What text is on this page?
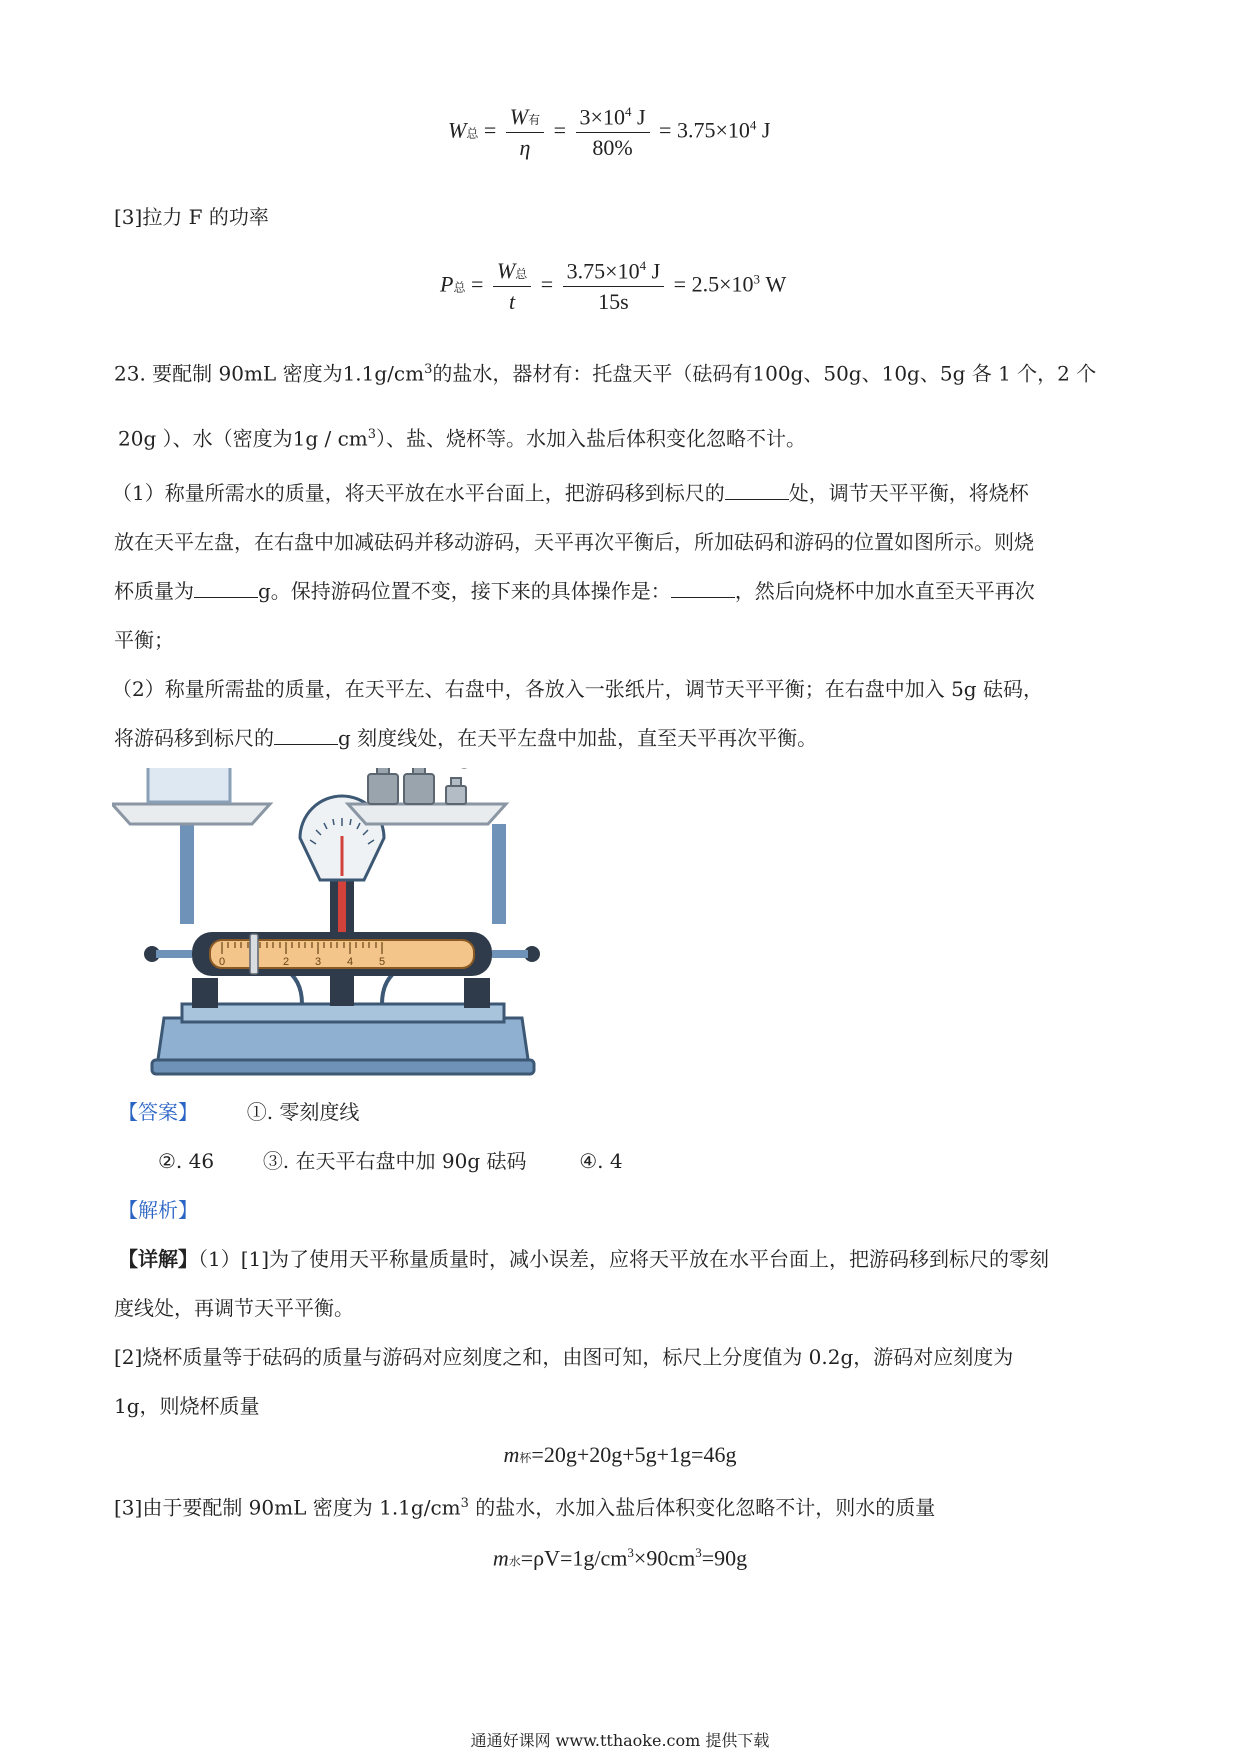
W总 = $\frac{\text{W有}}{\eta} = \frac{3\times 10^4 J}{80\%} = 3.75\times 10^4$ J
[3]拉力 F 的功率
P总 = $\frac{\text{W总}}{t} = \frac{3.75\times 10^4 J}{15s} = 2.5\times 10^3$ W
23. 要配制 90mL 密度为$1.1g/cm^3$的盐水，器材有：托盘天平（砝码有100g、50g、10g、5g 各 1 个，2 个
20g ）、水（密度为$1g / cm^3$）、盐、烧杯等。水加入盐后体积变化忽略不计。
（1）称量所需水的质量，将天平放在水平台面上，把游码移到标尺的	处，调节天平平衡，将烧杯
放在天平左盘，在右盘中加减砝码并移动游码，天平再次平衡后，所加砝码和游码的位置如图所示。则烧
杯质量为	g。保持游码位置不变，接下来的具体操作是：	，然后向烧杯中加水直至天平再次
平衡；
（2）称量所需盐的质量，在天平左、右盘中，各放入一张纸片，调节天平平衡；在右盘中加入 5g 砝码，
将游码移到标尺的	g 刻度线处，在天平左盘中加盐，直至天平再次平衡。
0	2 3 4 5
【答案】 ①. 零刻度线
②. 46 ③. 在天平右盘中加 90g 砝码	④. 4
【解析】
【详解】（1）[1]为了使用天平称量质量时，减小误差，应将天平放在水平台面上，把游码移到标尺的零刻
度线处，再调节天平平衡。
[2]烧杯质量等于砝码的质量与游码对应刻度之和，由图可知，标尺上分度值为 0.2g，游码对应刻度为
1g，则烧杯质量
m杯=20g+20g+5g+1g=46g
[3]由于要配制 90mL 密度为 $1.1g/cm^3$ 的盐水，水加入盐后体积变化忽略不计，则水的质量
m水$=\rho V=1g/cm^3\times 90cm^3=90g$
通通好课网 www.tthaoke.com 提供下载
